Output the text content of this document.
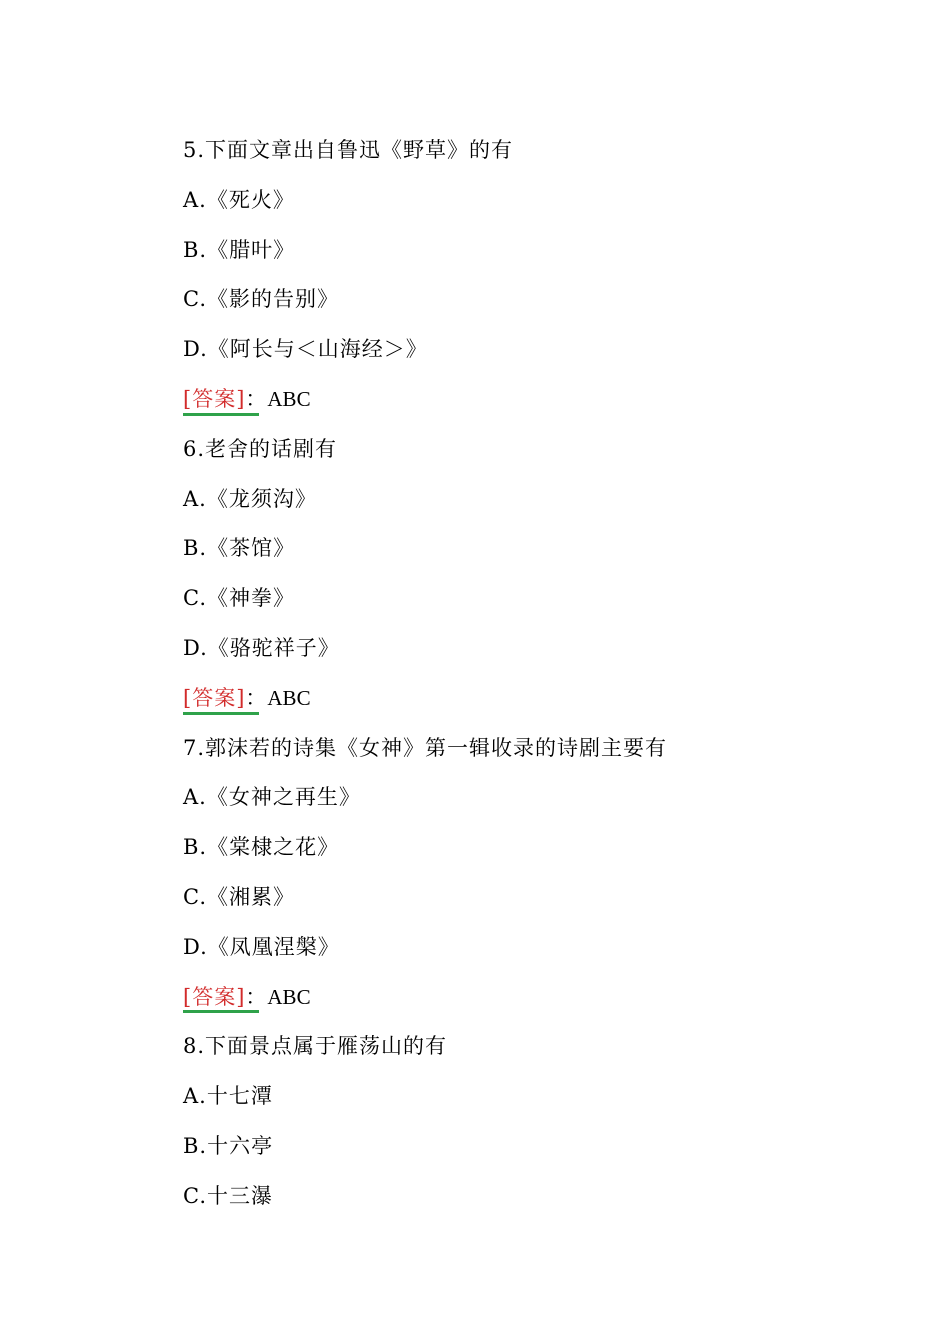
5.下面文章出自鲁迅《野草》的有
A.《死火》
B.《腊叶》
C.《影的告别》
D.《阿长与＜山海经＞》
[答案]：ABC
6.老舍的话剧有
A.《龙须沟》
B.《茶馆》
C.《神拳》
D.《骆驼祥子》
[答案]：ABC
7.郭沫若的诗集《女神》第一辑收录的诗剧主要有
A.《女神之再生》
B.《棠棣之花》
C.《湘累》
D.《凤凰涅槃》
[答案]：ABC
8.下面景点属于雁荡山的有
A.十七潭
B.十六亭
C.十三瀑
